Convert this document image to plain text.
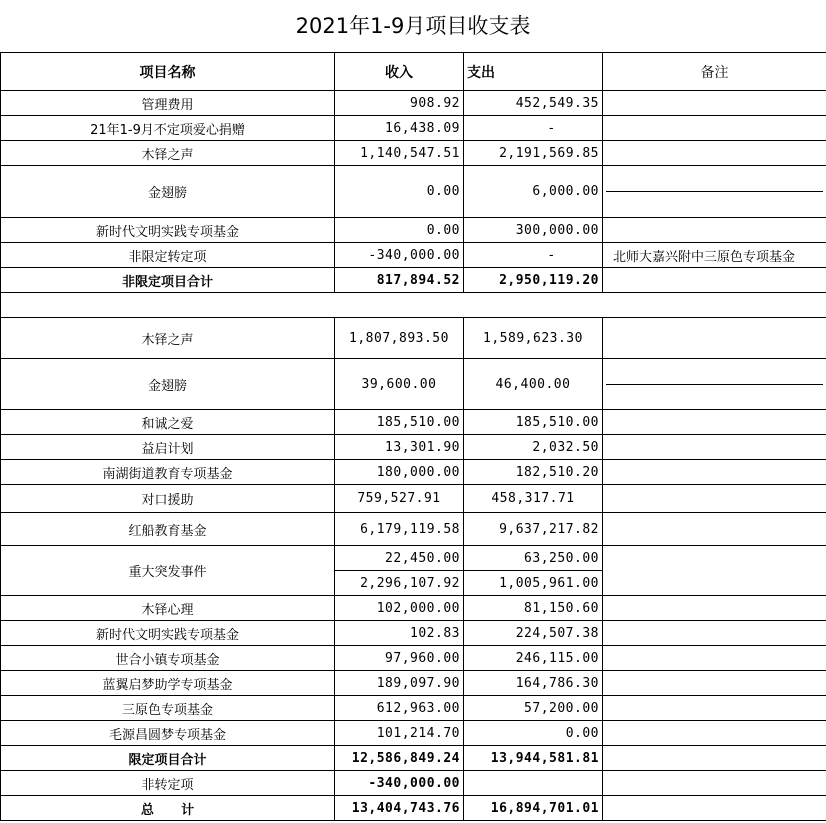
2021年1-9月项目收支表
项目名称	收入	支出	备注
管理费用	908.92	452,549.35	
21年1-9月不定项爱心捐赠	16,438.09	-	
木铎之声	1,140,547.51	2,191,569.85	
金翅膀	0.00	6,000.00	

新时代文明实践专项基金	0.00	300,000.00	
非限定转定项	-340,000.00	-	北师大嘉兴附中三原色专项基金
非限定项目合计	817,894.52	2,950,119.20	

木铎之声	1,807,893.50	1,589,623.30	
金翅膀	39,600.00	46,400.00	

和诚之爱	185,510.00	185,510.00	
益启计划	13,301.90	2,032.50	
南湖街道教育专项基金	180,000.00	182,510.20	
对口援助	759,527.91	458,317.71	
红船教育基金	6,179,119.58	9,637,217.82	
重大突发事件	22,450.00	63,250.00	
	2,296,107.92	1,005,961.00	
木铎心理	102,000.00	81,150.60	
新时代文明实践专项基金	102.83	224,507.38	
世合小镇专项基金	97,960.00	246,115.00	
蓝翼启梦助学专项基金	189,097.90	164,786.30	
三原色专项基金	612,963.00	57,200.00	
毛源昌圆梦专项基金	101,214.70	0.00	
限定项目合计	12,586,849.24	13,944,581.81	
非转定项	-340,000.00		
总      计	13,404,743.76	16,894,701.01	
